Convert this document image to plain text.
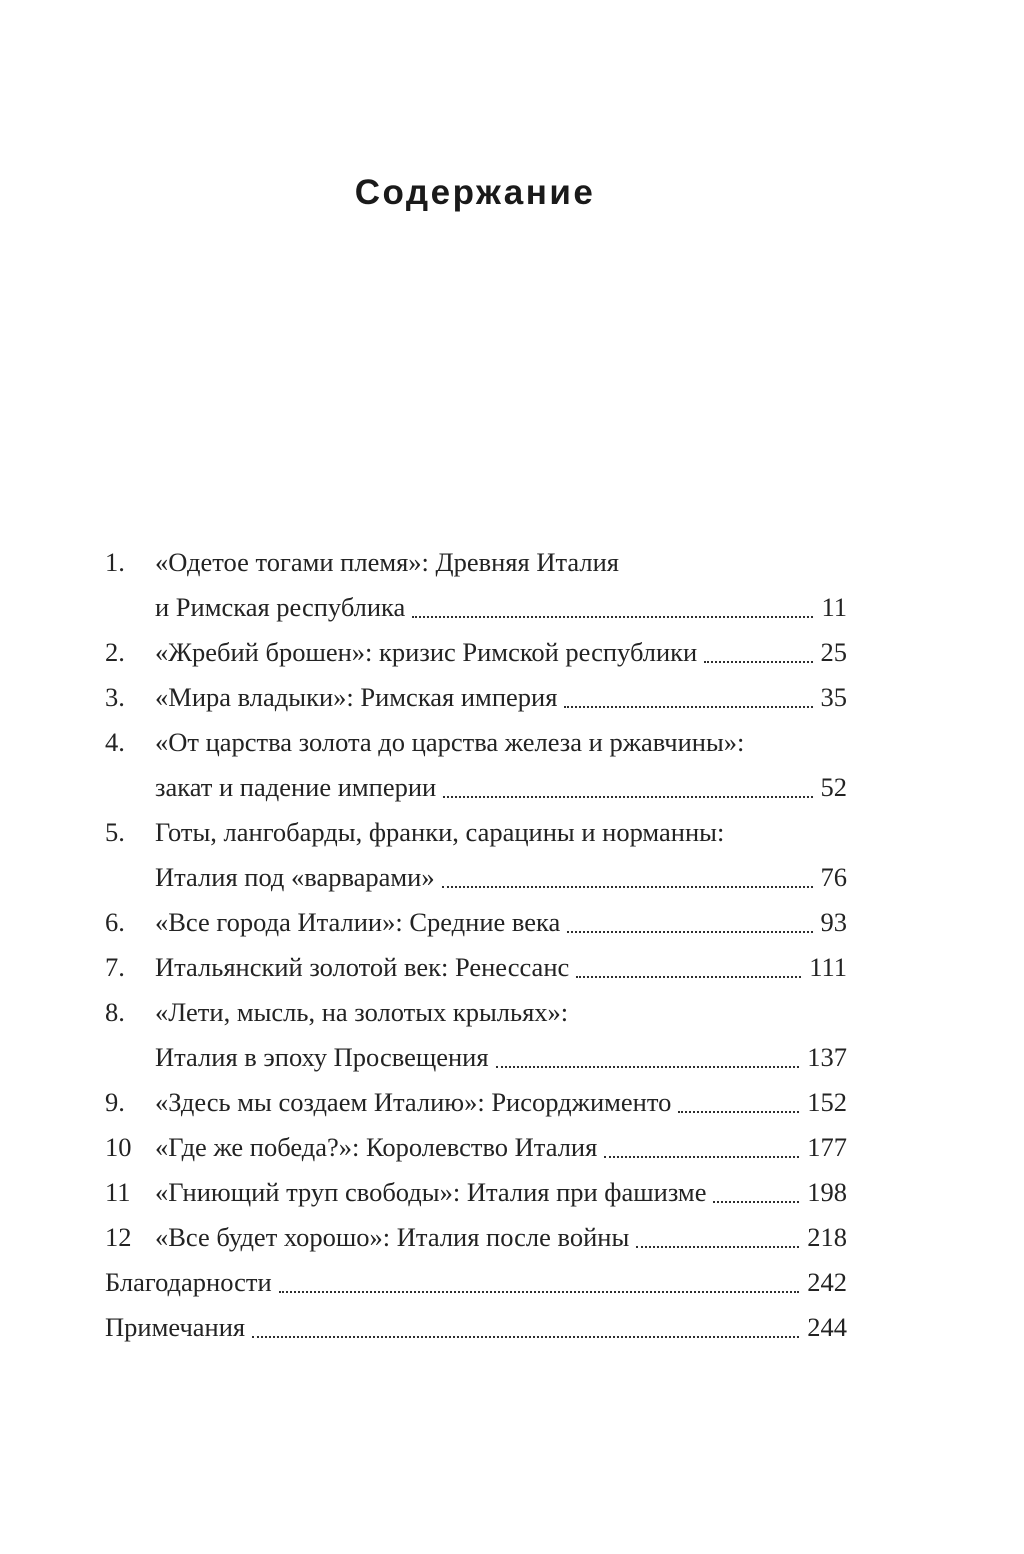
Содержание
1.	«Одетое тогами племя»: Древняя Италия
и Римская республика	11
2.	«Жребий брошен»: кризис Римской республики	25
3.	«Мира владыки»: Римская империя	35
4.	«От царства золота до царства железа и ржавчины»:
закат и падение империи	52
5.	Готы, лангобарды, франки, сарацины и норманны:
Италия под «варварами»	76
6.	«Все города Италии»: Средние века	93
7.	Итальянский золотой век: Ренессанс	111
8.	«Лети, мысль, на золотых крыльях»:
Италия в эпоху Просвещения	137
9.	«Здесь мы создаем Италию»: Рисорджименто	152
10 «Где же победа?»: Королевство Италия	177
11 «Гниющий труп свободы»: Италия при фашизме	198
12 «Все будет хорошо»: Италия после войны	218
Благодарности	242
Примечания	244
